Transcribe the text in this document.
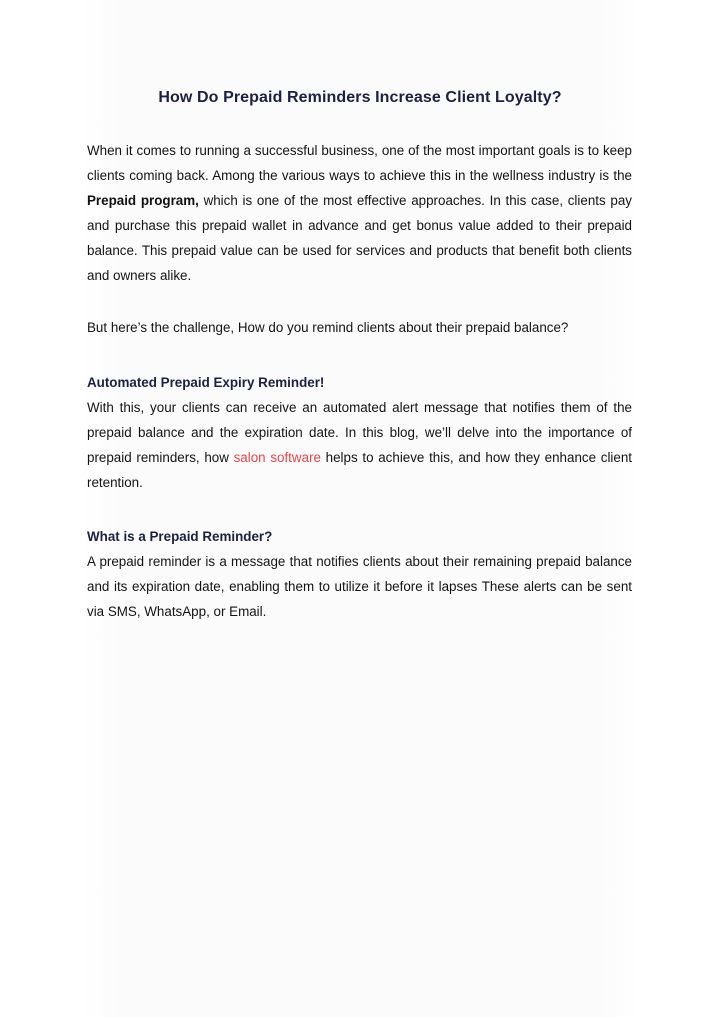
How Do Prepaid Reminders Increase Client Loyalty?

When it comes to running a successful business, one of the most important goals is to keep clients coming back. Among the various ways to achieve this in the wellness industry is the Prepaid program, which is one of the most effective approaches. In this case, clients pay and purchase this prepaid wallet in advance and get bonus value added to their prepaid balance. This prepaid value can be used for services and products that benefit both clients and owners alike.

But here’s the challenge, How do you remind clients about their prepaid balance?

Automated Prepaid Expiry Reminder!

With this, your clients can receive an automated alert message that notifies them of the prepaid balance and the expiration date. In this blog, we’ll delve into the importance of prepaid reminders, how salon software helps to achieve this, and how they enhance client retention.

What is a Prepaid Reminder?

A prepaid reminder is a message that notifies clients about their remaining prepaid balance and its expiration date, enabling them to utilize it before it lapses These alerts can be sent via SMS, WhatsApp, or Email.
